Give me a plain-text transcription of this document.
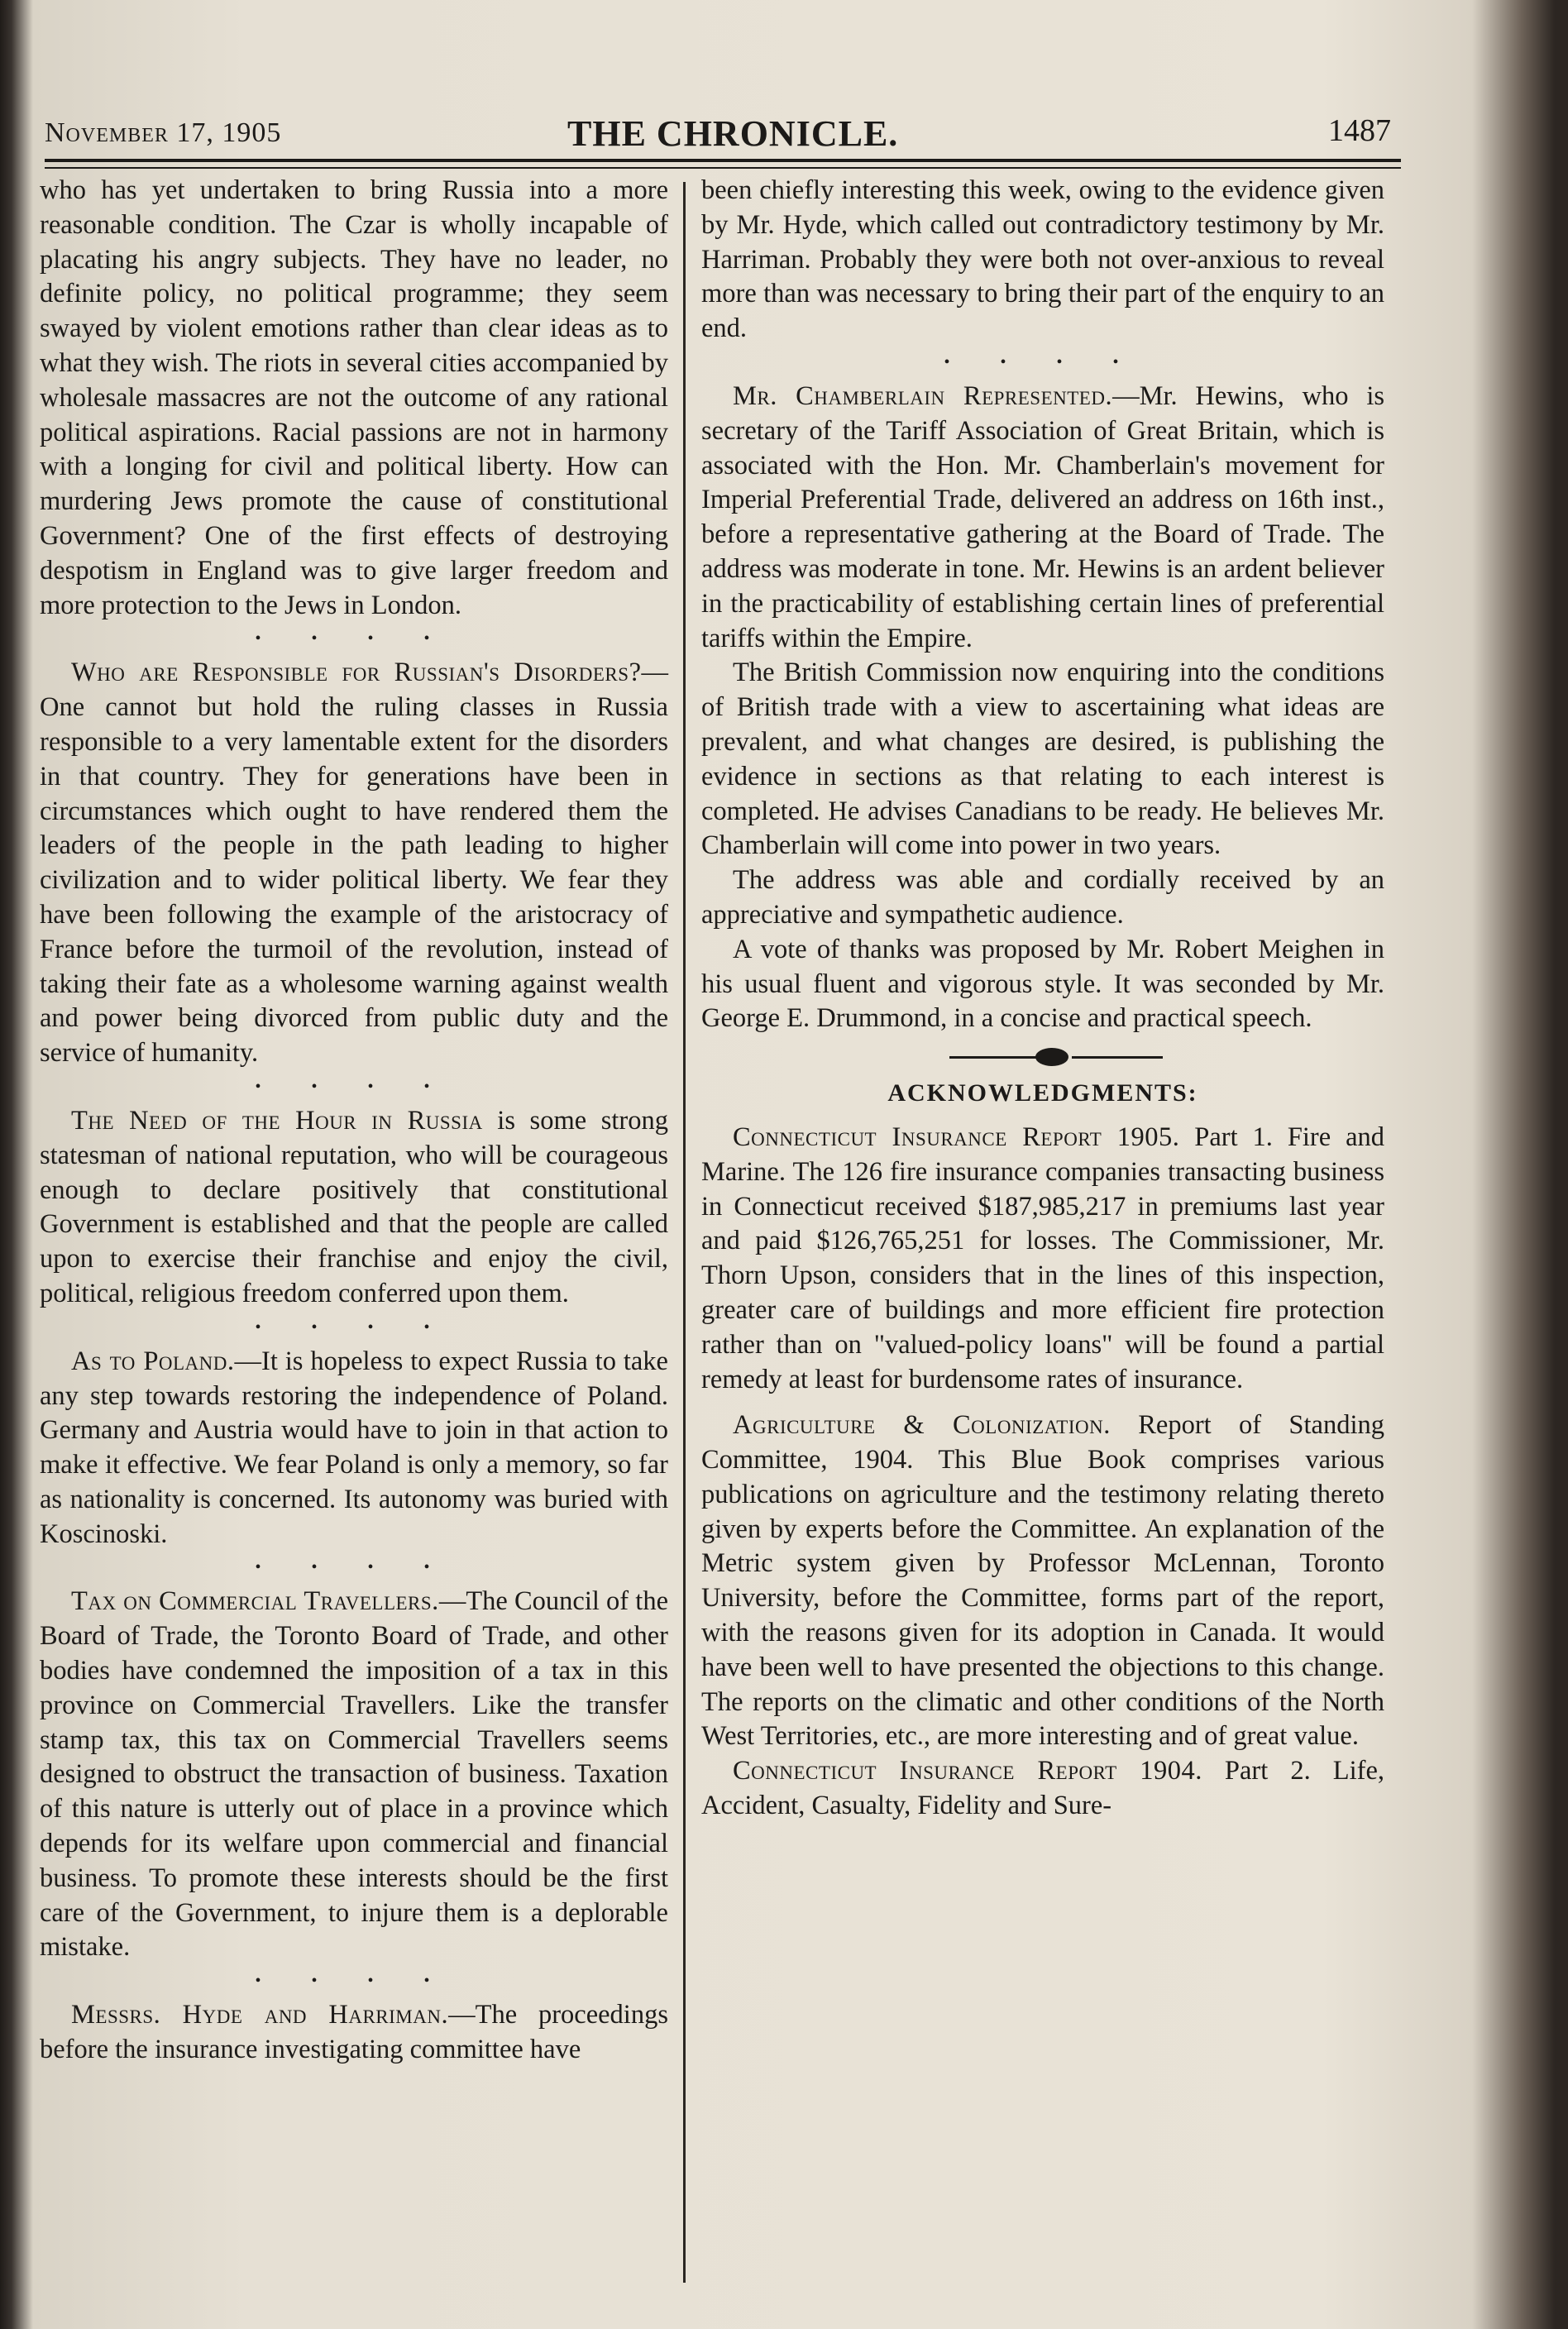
November 17, 1905	THE CHRONICLE.	1487

who has yet undertaken to bring Russia into a more reasonable condition. The Czar is wholly incapable of placating his angry subjects. They have no leader, no definite policy, no political programme; they seem swayed by violent emotions rather than clear ideas as to what they wish. The riots in several cities accompanied by wholesale massacres are not the outcome of any rational political aspirations. Racial passions are not in harmony with a longing for civil and political liberty. How can murdering Jews promote the cause of constitutional Government? One of the first effects of destroying despotism in England was to give larger freedom and more protection to the Jews in London.

• • • •

Who are Responsible for Russian's Disorders?—One cannot but hold the ruling classes in Russia responsible to a very lamentable extent for the disorders in that country. They for generations have been in circumstances which ought to have rendered them the leaders of the people in the path leading to higher civilization and to wider political liberty. We fear they have been following the example of the aristocracy of France before the turmoil of the revolution, instead of taking their fate as a wholesome warning against wealth and power being divorced from public duty and the service of humanity.

• • • •

The Need of the Hour in Russia is some strong statesman of national reputation, who will be courageous enough to declare positively that constitutional Government is established and that the people are called upon to exercise their franchise and enjoy the civil, political, religious freedom conferred upon them.

• • • •

As to Poland.—It is hopeless to expect Russia to take any step towards restoring the independence of Poland. Germany and Austria would have to join in that action to make it effective. We fear Poland is only a memory, so far as nationality is concerned. Its autonomy was buried with Koscinoski.

• • • •

Tax on Commercial Travellers.—The Council of the Board of Trade, the Toronto Board of Trade, and other bodies have condemned the imposition of a tax in this province on Commercial Travellers. Like the transfer stamp tax, this tax on Commercial Travellers seems designed to obstruct the transaction of business. Taxation of this nature is utterly out of place in a province which depends for its welfare upon commercial and financial business. To promote these interests should be the first care of the Government, to injure them is a deplorable mistake.

• • • •

Messrs. Hyde and Harriman.—The proceedings before the insurance investigating committee have

been chiefly interesting this week, owing to the evidence given by Mr. Hyde, which called out contradictory testimony by Mr. Harriman. Probably they were both not over-anxious to reveal more than was necessary to bring their part of the enquiry to an end.

• • • •

Mr. Chamberlain Represented.—Mr. Hewins, who is secretary of the Tariff Association of Great Britain, which is associated with the Hon. Mr. Chamberlain's movement for Imperial Preferential Trade, delivered an address on 16th inst., before a representative gathering at the Board of Trade. The address was moderate in tone. Mr. Hewins is an ardent believer in the practicability of establishing certain lines of preferential tariffs within the Empire.

The British Commission now enquiring into the conditions of British trade with a view to ascertaining what ideas are prevalent, and what changes are desired, is publishing the evidence in sections as that relating to each interest is completed. He advises Canadians to be ready. He believes Mr. Chamberlain will come into power in two years.

The address was able and cordially received by an appreciative and sympathetic audience.

A vote of thanks was proposed by Mr. Robert Meighen in his usual fluent and vigorous style. It was seconded by Mr. George E. Drummond, in a concise and practical speech.

ACKNOWLEDGMENTS:

Connecticut Insurance Report 1905. Part 1. Fire and Marine. The 126 fire insurance companies transacting business in Connecticut received $187,985,217 in premiums last year and paid $126,765,251 for losses. The Commissioner, Mr. Thorn Upson, considers that in the lines of this inspection, greater care of buildings and more efficient fire protection rather than on "valued-policy loans" will be found a partial remedy at least for burdensome rates of insurance.

Agriculture & Colonization. Report of Standing Committee, 1904. This Blue Book comprises various publications on agriculture and the testimony relating thereto given by experts before the Committee. An explanation of the Metric system given by Professor McLennan, Toronto University, before the Committee, forms part of the report, with the reasons given for its adoption in Canada. It would have been well to have presented the objections to this change. The reports on the climatic and other conditions of the North West Territories, etc., are more interesting and of great value.

Connecticut Insurance Report 1904. Part 2. Life, Accident, Casualty, Fidelity and Sure-
